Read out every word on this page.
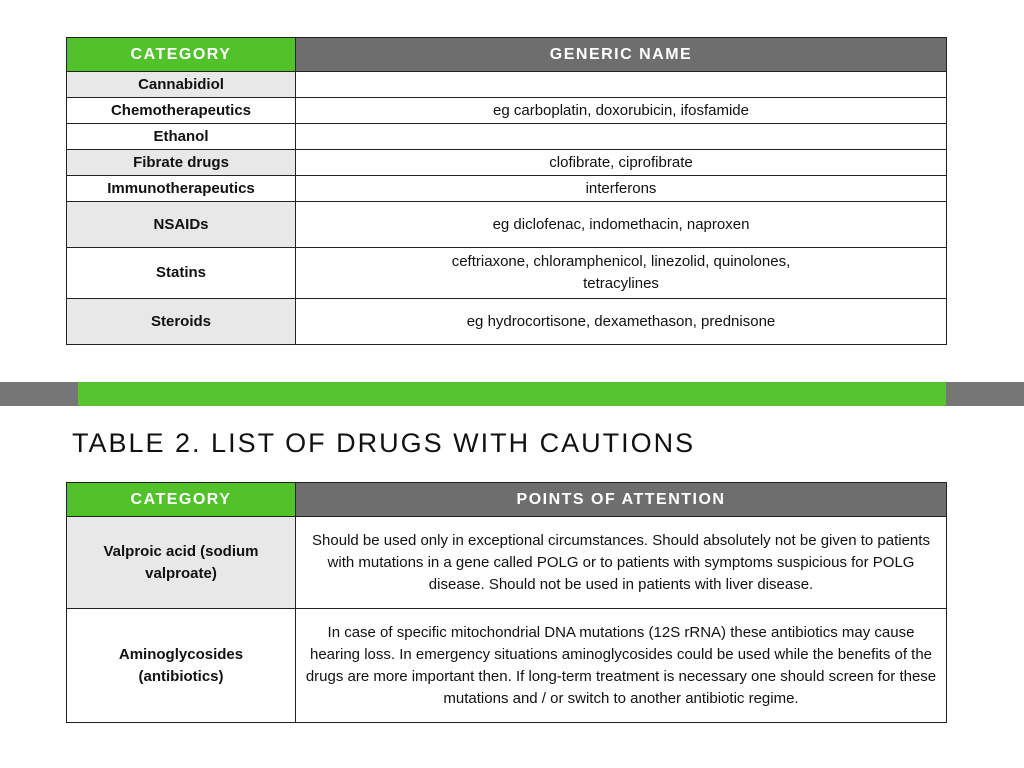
CATEGORY	GENERIC NAME
Cannabidiol	
Chemotherapeutics	eg carboplatin, doxorubicin, ifosfamide
Ethanol	
Fibrate drugs	clofibrate, ciprofibrate
Immunotherapeutics	interferons
NSAIDs	eg diclofenac, indomethacin, naproxen
Statins	ceftriaxone, chloramphenicol, linezolid, quinolones, tetracylines
Steroids	eg hydrocortisone, dexamethason, prednisone
TABLE 2. LIST OF DRUGS WITH CAUTIONS
CATEGORY	POINTS OF ATTENTION
Valproic acid (sodium valproate)	Should be used only in exceptional circumstances. Should absolutely not be given to patients with mutations in a gene called POLG or to patients with symptoms suspicious for POLG disease. Should not be used in patients with liver disease.
Aminoglycosides (antibiotics)	In case of specific mitochondrial DNA mutations (12S rRNA) these antibiotics may cause hearing loss. In emergency situations aminoglycosides could be used while the benefits of the drugs are more important then. If long-term treatment is necessary one should screen for these mutations and / or switch to another antibiotic regime.
